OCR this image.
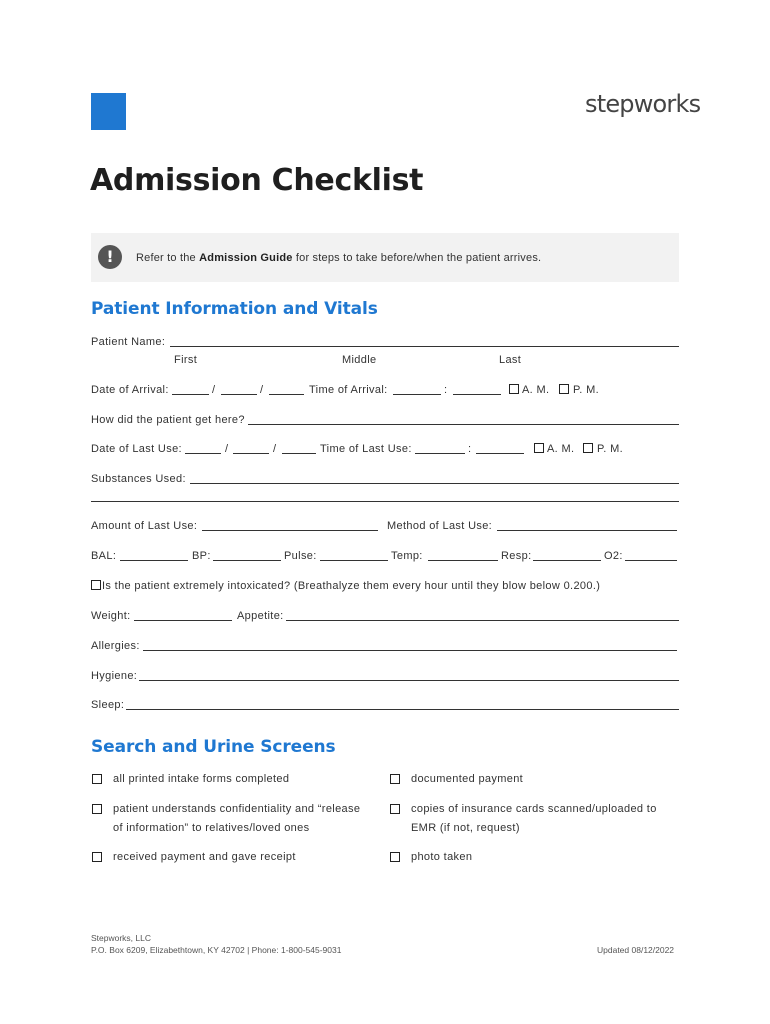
stepworks
Admission Checklist
!	Refer to the Admission Guide for steps to take before/when the patient arrives.
Patient Information and Vitals
Patient Name:
First	Middle	Last
Date of Arrival:	/	/	Time of Arrival:	:	A. M. P. M.
How did the patient get here?
Date of Last Use:	/	/	Time of Last Use:	:	A. M. P. M.
Substances Used:
Amount of Last Use:	Method of Last Use:
BAL:	BP:	Pulse:	Temp:	Resp:	O2:
Is the patient extremely intoxicated? (Breathalyze them every hour until they blow below 0.200.)
Weight:	Appetite:
Allergies:
Hygiene:
Sleep:
Search and Urine Screens
all printed intake forms completed	documented payment
patient understands confidentiality and “release
of information” to relatives/loved ones
copies of insurance cards scanned/uploaded to
EMR (if not, request)
received payment and gave receipt	photo taken
Stepworks, LLC
P.O. Box 6209, Elizabethtown, KY 42702 | Phone: 1-800-545-9031	Updated 08/12/2022
